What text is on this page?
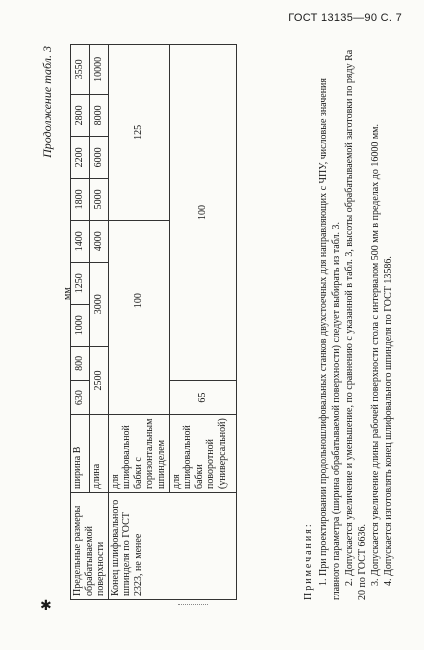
ГОСТ 13135—90 С. 7
Продолжение табл. 3
мм
Предельные размеры обрабатываемой поверхности	ширина B	630	800	1000	1250	1400	1800	2200	2800	3550
	длина	2500		3000		4000	5000	6000	8000	10000
Конец шлифовального шпинделя по ГОСТ 2323, не менее	для шлифовальной бабки с горизонтальным шпинделем		100				125			
	для шлифовальной бабки поворотной (универсальной)	65	100							
Примечания: 1. При проектировании продольношлифовальных станков двухстоечных для направляющих с ЧПУ, числовые значения главного параметра (ширина обрабатываемой поверхности) следует выбирать из табл. 3. 2. Допускается увеличение и уменьшение, по сравнению с указанной в табл. 3, высоты обрабатываемой заготовки по ряду Ra 20 по ГОСТ 6636. 3. Допускается увеличение длины рабочей поверхности стола с интервалом 500 мм в пределах до 16000 мм. 4. Допускается изготовлять конец шлифовального шпинделя по ГОСТ 13586.

✱
